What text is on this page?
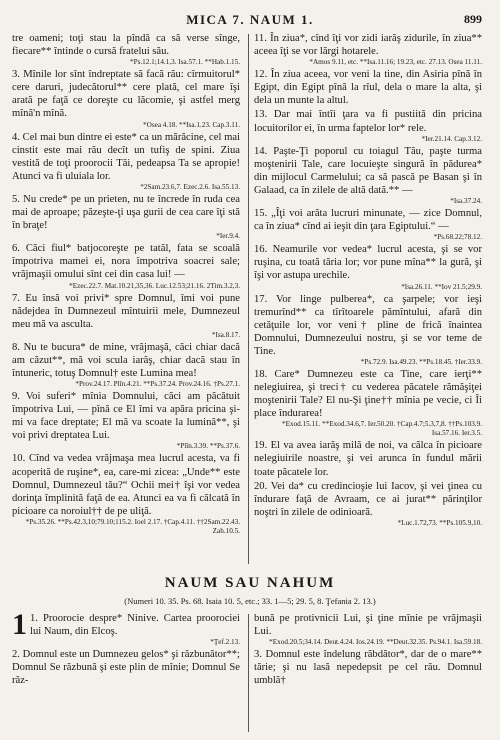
MICA 7. NAUM 1.	899
tre oameni; toţi stau la pîndă ca să verse sînge, fiecare** întinde o cursă fratelui său.
*Ps.12.1;14.1,3. Isa.57.1. **Hab.1.15.
3. Mînile lor sînt îndreptate să facă rău: cîrmuitorul* cere daruri, judecătorul** cere plată, cel mare îşi arată pe faţă ce doreşte cu lăcomie, şi astfel merg mînă'n mînă.
*Osea 4.18. **Isa.1.23. Cap.3.11.
4. Cel mai bun dintre ei este* ca un mărăcine, cel mai cinstit este mai rău decît un tufiş de spini. Ziua vestită de toţi proorocii Tăi, pedeapsa Ta se apropie! Atunci va fi uluiala lor.
*2Sam.23.6,7. Ezec.2.6. Isa.55.13.
5. Nu crede* pe un prieten, nu te încrede în ruda cea mai de aproape; păzeşte-ţi uşa gurii de cea care îţi stă în braţe!
*Ier.9.4.
6. Căci fiul* batjocoreşte pe tatăl, fata se scoală împotriva mamei ei, nora împotriva soacrei sale; vrăjmaşii omului sînt cei din casa lui! —
*Ezec.22.7. Mat.10.21,35,36. Luc.12.53;21.16. 2Tim.3.2,3.
7. Eu însă voi privi* spre Domnul, îmi voi pune nădejdea în Dumnezeul mîntuirii mele, Dumnezeul meu mă va asculta.
*Isa.8.17.
8. Nu te bucura* de mine, vrăjmaşă, căci chiar dacă am căzut**, mă voi scula iarăş, chiar dacă stau în întuneric, totuş Domnul† este Lumina mea!
*Prov.24.17. Plîn.4.21. **Ps.37.24. Prov.24.16. †Ps.27.1.
9. Voi suferi* mînia Domnului, căci am păcătuit împotriva Lui, — pînă ce El îmi va apăra pricina şi-mi va face dreptate; El mă va scoate la lumină**, şi voi privi dreptatea Lui.
*Plîn.3.39. **Ps.37.6.
10. Cînd va vedea vrăjmaşa mea lucrul acesta, va fi acoperită de ruşine*, ea, care-mi zicea: „Unde** este Domnul, Dumnezeul tău?“ Ochii mei† îşi vor vedea dorinţa împlinită faţă de ea. Atunci ea va fi călcată în picioare ca noroiul†† de pe uliţă.
*Ps.35.26. **Ps.42.3,10;79.10;115.2. Ioel 2.17. †Cap.4.11. ††2Sam.22.43. Zah.10.5.
11. În ziua*, cînd îţi vor zidi iarăş zidurile, în ziua** aceea îţi se vor lărgi hotarele.
*Amos 9.11, etc. **Isa.11.16; 19.23, etc. 27.13. Osea 11.11.
12. În ziua aceea, vor veni la tine, din Asiria pînă în Egipt, din Egipt pînă la rîul, dela o mare la alta, şi dela un munte la altul.
13. Dar mai întîi ţara va fi pustiită din pricina locuitorilor ei, în urma faptelor lor* rele.
*Ier.21.14. Cap.3.12.
14. Paşte-Ţi poporul cu toiagul Tău, paşte turma moştenirii Tale, care locuieşte singură în pădurea* din mijlocul Carmelului; ca să pască pe Basan şi în Galaad, ca în zilele de altă dată.** —
*Isa.37.24.
15. „Îţi voi arăta lucruri minunate, — zice Domnul, ca în ziua* cînd ai ieşit din ţara Egiptului.“ —
*Ps.68.22;78.12.
16. Neamurile vor vedea* lucrul acesta, şi se vor ruşina, cu toată tăria lor; vor pune mîna** la gură, şi îşi vor astupa urechile.
*Isa.26.11. **Iov 21.5;29.9.
17. Vor linge pulberea*, ca şarpele; vor ieşi tremurînd** ca tîrîtoarele pămîntului, afară din cetăţuile lor, vor veni† pline de frică înaintea Domnului, Dumnezeului nostru, şi se vor teme de Tine.
*Ps.72.9. Isa.49.23. **Ps.18.45. †Ier.33.9.
18. Care* Dumnezeu este ca Tine, care ierţi** nelegiuirea, şi treci† cu vederea păcatele rămăşiţei moştenirii Tale? El nu-Şi ţine†† mînia pe vecie, ci Îi place îndurarea!
*Exod.15.11. **Exod.34.6,7. Ier.50.20. †Cap.4.7;5.3,7,8. ††Ps.103.9. Isa.57.16. Ier.3.5.
19. El va avea iarăş milă de noi, va călca în picioare nelegiuirile noastre, şi vei arunca în fundul mării toate păcatele lor.
20. Vei da* cu credincioşie lui Iacov, şi vei ţinea cu îndurare faţă de Avraam, ce ai jurat** părinţilor noştri în zilele de odinioară.
*Luc.1.72,73. **Ps.105.9,10.
NAUM SAU NAHUM
(Numeri 10. 35. Ps. 68. Isaia 10. 5, etc.; 33. 1—5; 29. 5, 8. Ţefania 2. 13.)
1 1. Proorocie despre* Ninive. Cartea proorociei lui Naum, din Elcoş.
*Ţef.2.13.
2. Domnul este un Dumnezeu gelos* şi răzbunător**; Domnul Se răzbună şi este plin de mînie; Domnul Se răz-
bună pe protivnicii Lui, şi ţine mînie pe vrăjmaşii Lui.
*Exod.20.5;34.14. Deut.4.24. Ios.24.19. **Deut.32.35. Ps.94.1. Isa.59.18.
3. Domnul este îndelung răbdător*, dar de o mare** tărie; şi nu lasă nepedepsit pe cel rău. Domnul umblă†
